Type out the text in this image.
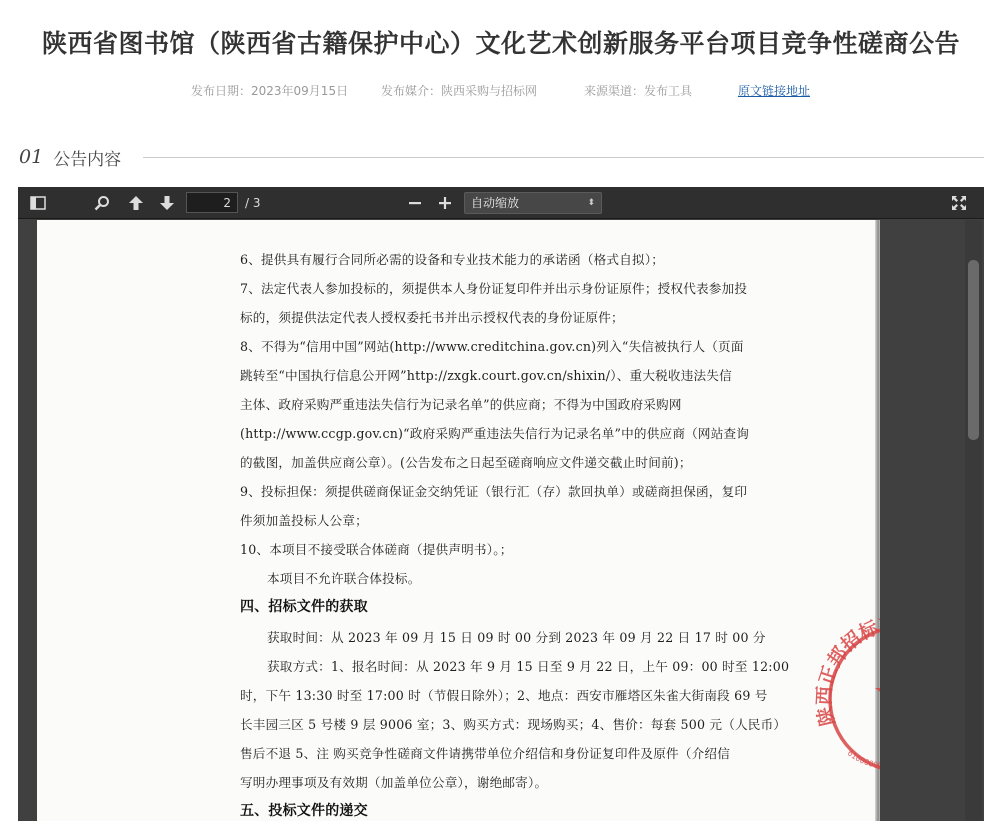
陕西省图书馆（陕西省古籍保护中心）文化艺术创新服务平台项目竞争性磋商公告
发布日期：2023年09月15日	发布媒介：陕西采购与招标网	来源渠道：发布工具	原文链接地址
01 公告内容
2
/ 3	自动缩放	⬍
6、提供具有履行合同所必需的设备和专业技术能力的承诺函（格式自拟）；
7、法定代表人参加投标的，须提供本人身份证复印件并出示身份证原件；授权代表参加投
标的，须提供法定代表人授权委托书并出示授权代表的身份证原件；
8、不得为“信用中国”网站(http://www.creditchina.gov.cn)列入“失信被执行人（页面
跳转至“中国执行信息公开网”http://zxgk.court.gov.cn/shixin/）、重大税收违法失信
主体、政府采购严重违法失信行为记录名单”的供应商；不得为中国政府采购网
(http://www.ccgp.gov.cn)“政府采购严重违法失信行为记录名单”中的供应商（网站查询
的截图，加盖供应商公章）。(公告发布之日起至磋商响应文件递交截止时间前)；
9、投标担保：须提供磋商保证金交纳凭证（银行汇（存）款回执单）或磋商担保函，复印
件须加盖投标人公章；
10、本项目不接受联合体磋商（提供声明书）。；
本项目不允许联合体投标。
四、招标文件的获取
获取时间：从 2023 年 09 月 15 日 09 时 00 分到 2023 年 09 月 22 日 17 时 00 分
获取方式：1、报名时间：从 2023 年 9 月 15 日至 9 月 22 日，上午 09：00 时至 12:00
时，下午 13:30 时至 17:00 时（节假日除外）；2、地点：西安市雁塔区朱雀大街南段 69 号
长丰园三区 5 号楼 9 层 9006 室；3、购买方式：现场购买；4、售价：每套 500 元（人民币）
售后不退 5、注 购买竞争性磋商文件请携带单位介绍信和身份证复印件及原件（介绍信
写明办理事项及有效期（加盖单位公章），谢绝邮寄）。
五、投标文件的递交
陕西正邦招标有
610000004
